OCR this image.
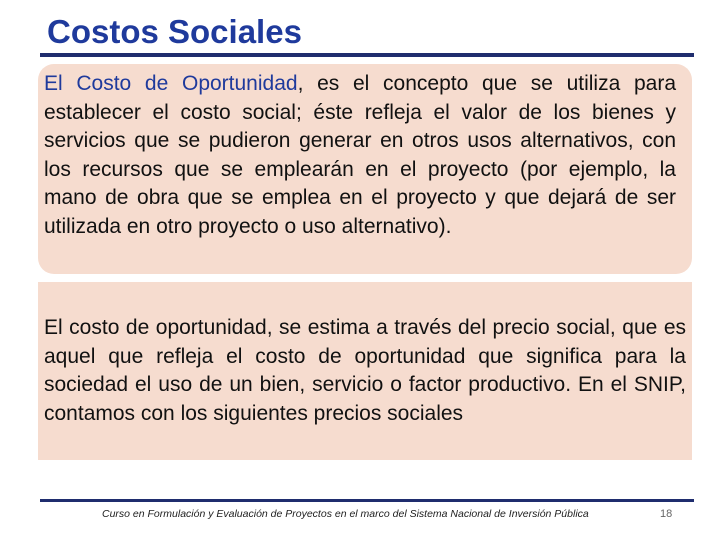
Costos Sociales

El Costo de Oportunidad, es el concepto que se utiliza para establecer el costo social; éste refleja el valor de los bienes y servicios que se pudieron generar en otros usos alternativos, con los recursos que se emplearán en el proyecto (por ejemplo, la mano de obra que se emplea en el proyecto y que dejará de ser utilizada en otro proyecto o uso alternativo).

El costo de oportunidad, se estima a través del precio social, que es aquel que refleja el costo de oportunidad que significa para la sociedad el uso de un bien, servicio o factor productivo. En el SNIP, contamos con los siguientes precios sociales

Curso en Formulación y Evaluación de Proyectos en el marco del Sistema Nacional de Inversión Pública	18
